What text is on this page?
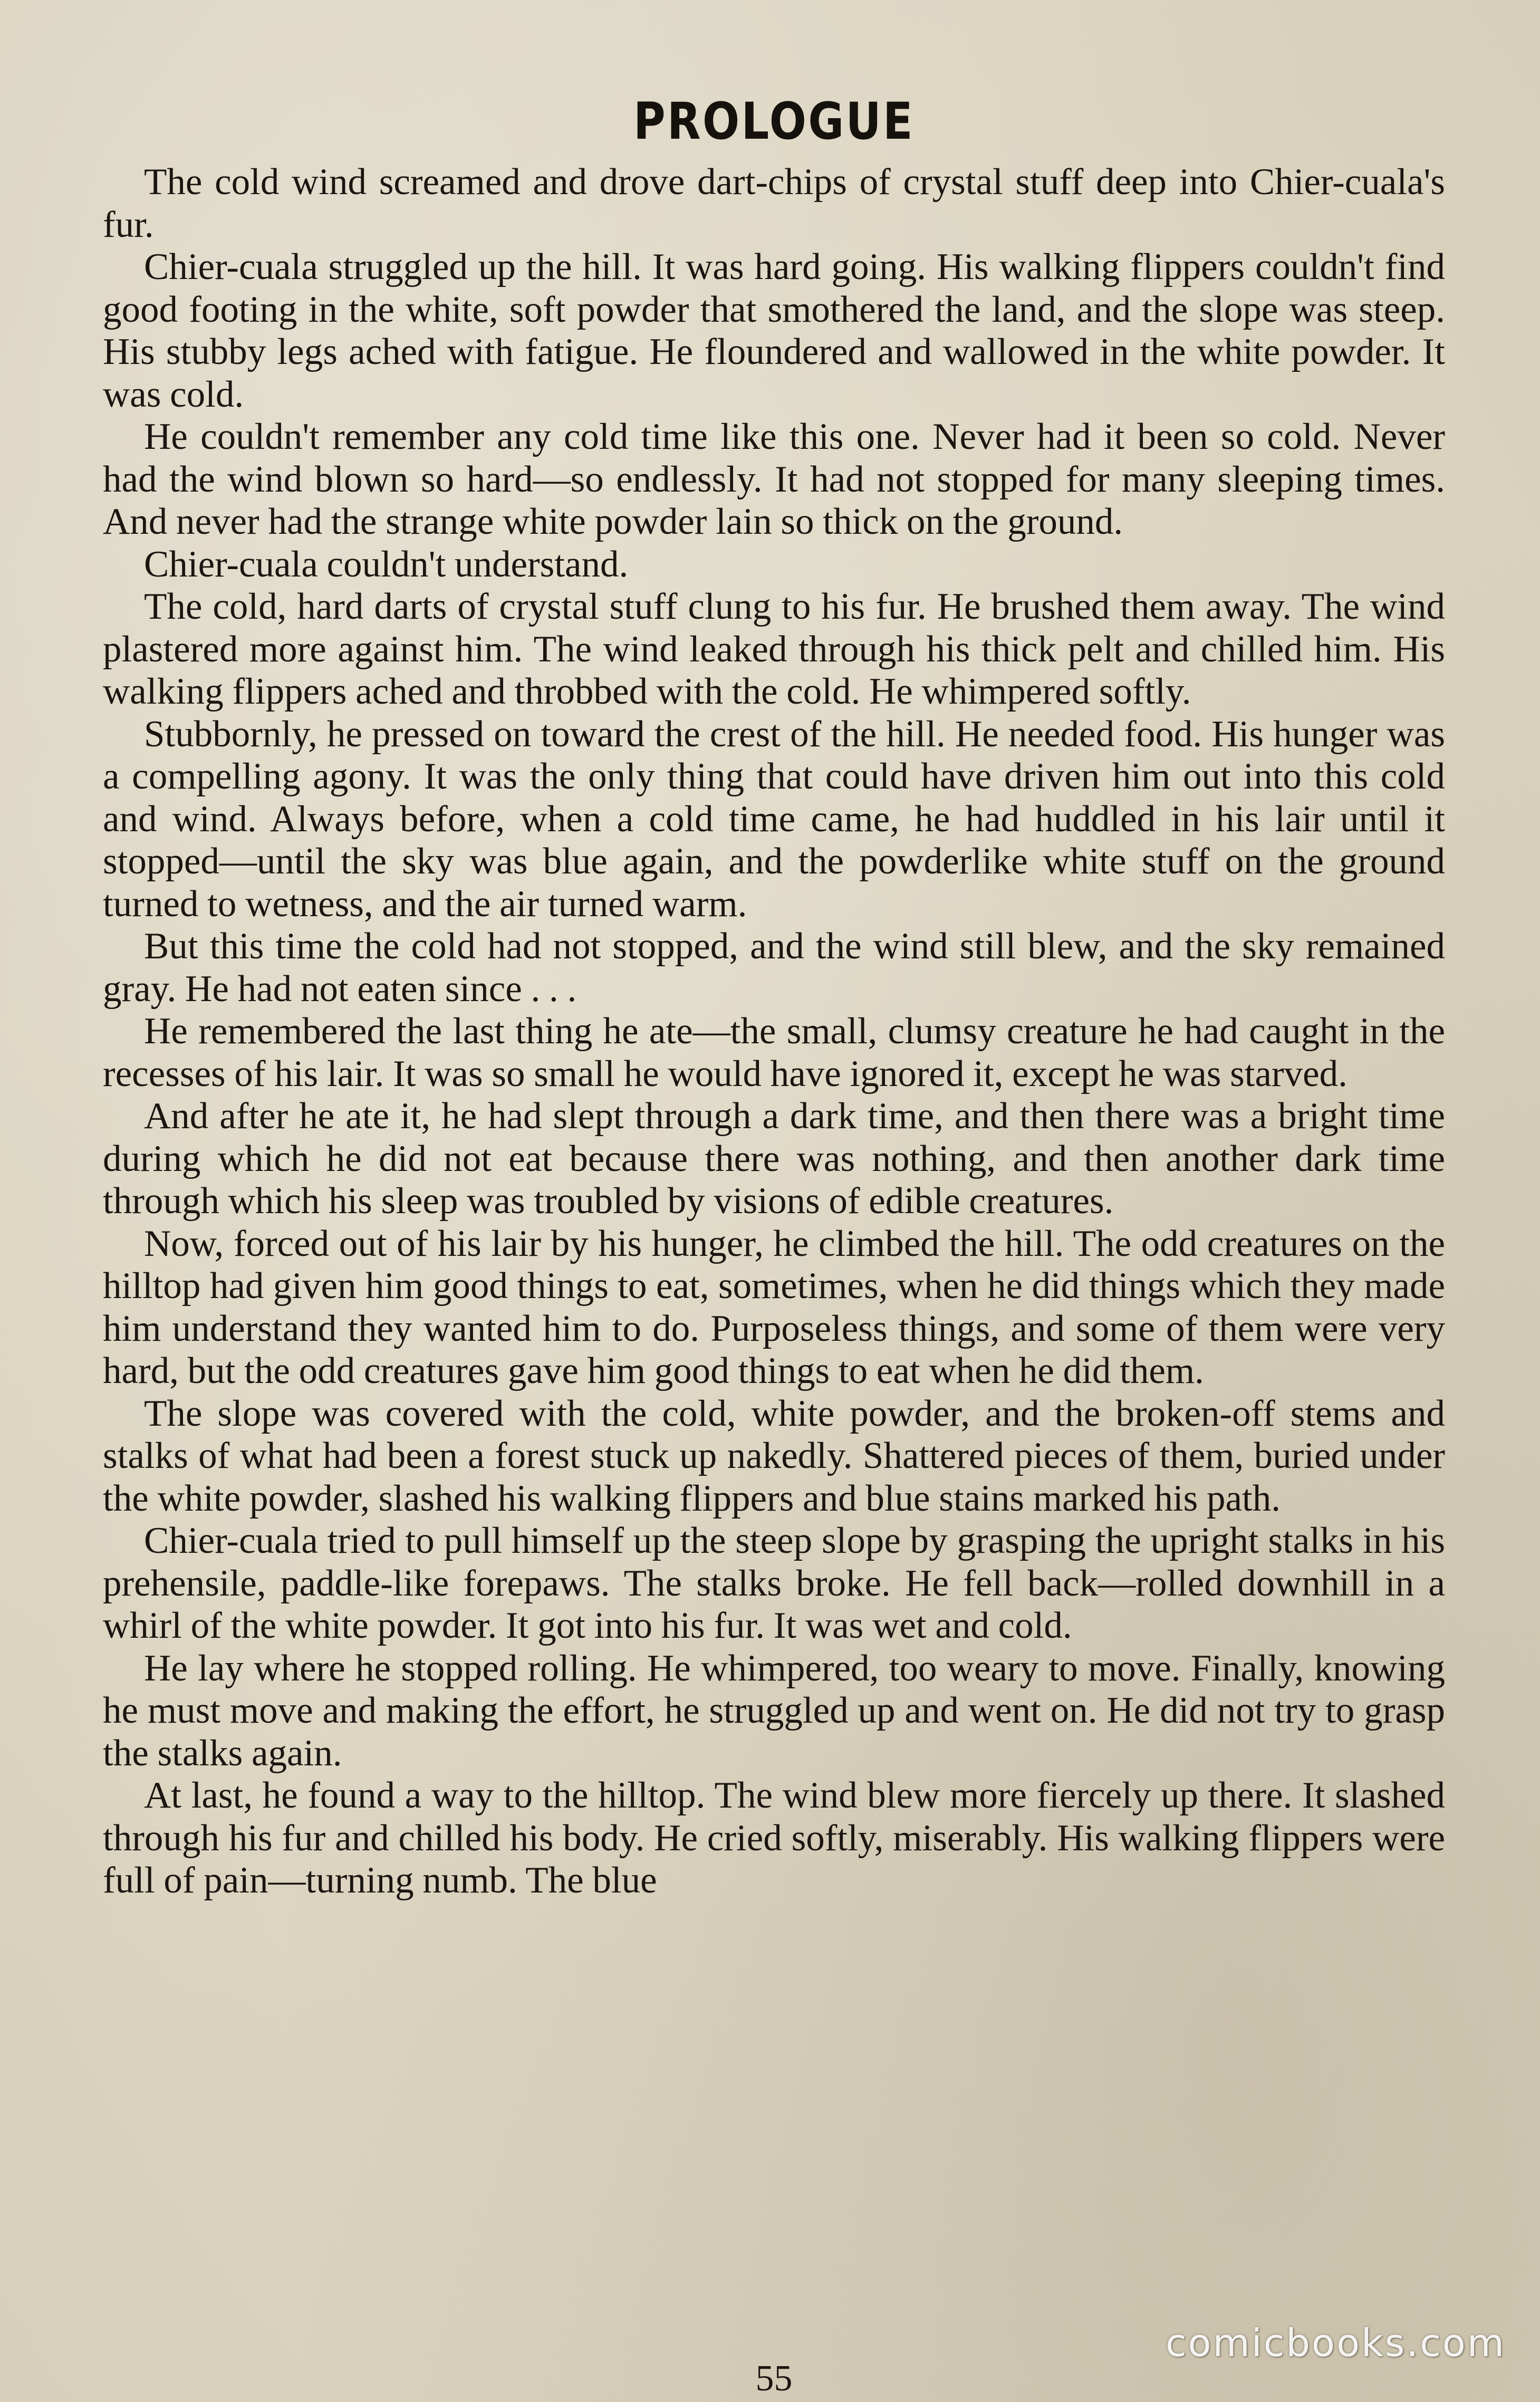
PROLOGUE

The cold wind screamed and drove dart-chips of crystal stuff deep into Chier-cuala's fur.

Chier-cuala struggled up the hill. It was hard going. His walking flippers couldn't find good footing in the white, soft powder that smothered the land, and the slope was steep. His stubby legs ached with fatigue. He floundered and wallowed in the white powder. It was cold.

He couldn't remember any cold time like this one. Never had it been so cold. Never had the wind blown so hard—so endlessly. It had not stopped for many sleeping times. And never had the strange white powder lain so thick on the ground.

Chier-cuala couldn't understand.

The cold, hard darts of crystal stuff clung to his fur. He brushed them away. The wind plastered more against him. The wind leaked through his thick pelt and chilled him. His walking flippers ached and throbbed with the cold. He whimpered softly.

Stubbornly, he pressed on toward the crest of the hill. He needed food. His hunger was a compelling agony. It was the only thing that could have driven him out into this cold and wind. Always before, when a cold time came, he had huddled in his lair until it stopped—until the sky was blue again, and the powderlike white stuff on the ground turned to wetness, and the air turned warm.

But this time the cold had not stopped, and the wind still blew, and the sky remained gray. He had not eaten since . . .

He remembered the last thing he ate—the small, clumsy creature he had caught in the recesses of his lair. It was so small he would have ignored it, except he was starved.

And after he ate it, he had slept through a dark time, and then there was a bright time during which he did not eat because there was nothing, and then another dark time through which his sleep was troubled by visions of edible creatures.

Now, forced out of his lair by his hunger, he climbed the hill. The odd creatures on the hilltop had given him good things to eat, sometimes, when he did things which they made him understand they wanted him to do. Purposeless things, and some of them were very hard, but the odd creatures gave him good things to eat when he did them.

The slope was covered with the cold, white powder, and the broken-off stems and stalks of what had been a forest stuck up nakedly. Shattered pieces of them, buried under the white powder, slashed his walking flippers and blue stains marked his path.

Chier-cuala tried to pull himself up the steep slope by grasping the upright stalks in his prehensile, paddle-like forepaws. The stalks broke. He fell back—rolled downhill in a whirl of the white powder. It got into his fur. It was wet and cold.

He lay where he stopped rolling. He whimpered, too weary to move. Finally, knowing he must move and making the effort, he struggled up and went on. He did not try to grasp the stalks again.

At last, he found a way to the hilltop. The wind blew more fiercely up there. It slashed through his fur and chilled his body. He cried softly, miserably. His walking flippers were full of pain—turning numb. The blue

55
comicbooks.com
